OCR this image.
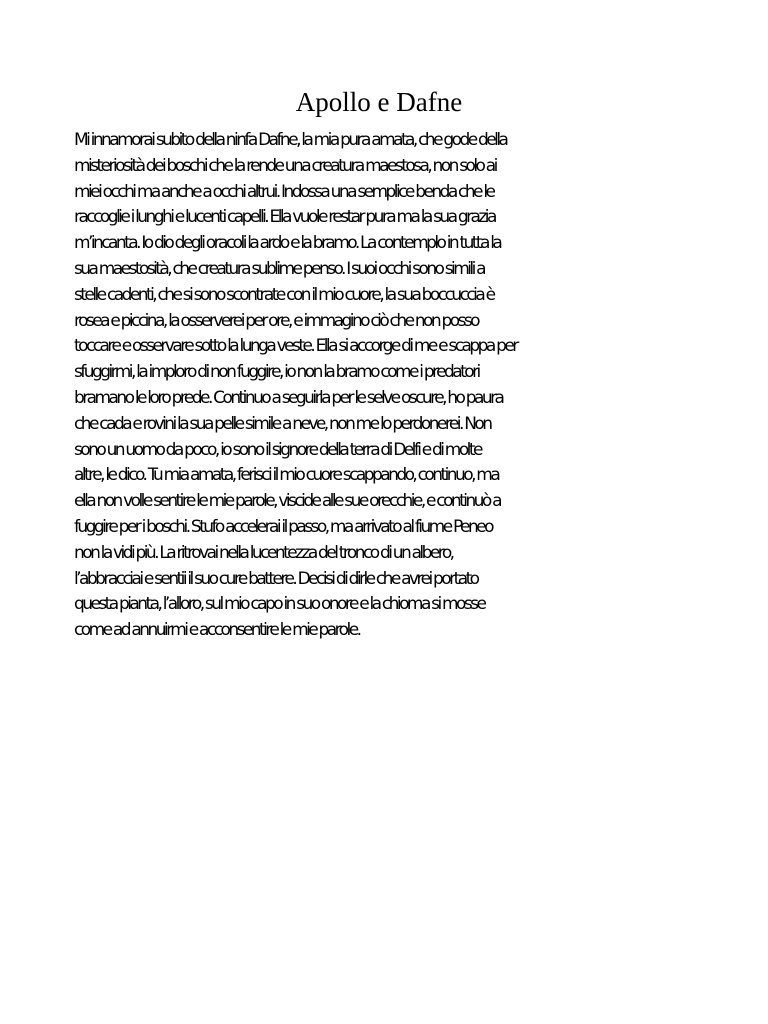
Apollo e Dafne
Mi innamorai subito della ninfa Dafne, la mia pura amata, che gode della
misteriosità dei boschi che la rende una creatura maestosa, non solo ai
miei occhi ma anche a occhi altrui. Indossa una semplice benda che le
raccoglie i lunghi e lucenti capelli. Ella vuole restar pura ma la sua grazia
m’incanta. Io dio degli oracoli la ardo e la bramo. La contemplo in tutta la
sua maestosità, che creatura sublime penso. I suoi occhi sono simili a
stelle cadenti, che si sono scontrate con il mio cuore, la sua boccuccia è
rosea e piccina, la osserverei per ore, e immagino ciò che non posso
toccare e osservare sotto la lunga veste. Ella si accorge di me e scappa per
sfuggirmi, la imploro di non fuggire, io non la bramo come i predatori
bramano le loro prede. Continuo a seguirla per le selve oscure, ho paura
che cada e rovini la sua pelle simile a neve, non me lo perdonerei. Non
sono un uomo da poco, io sono il signore della terra di Delfi e di molte
altre, le dico. Tu mia amata, ferisci il mio cuore scappando, continuo, ma
ella non volle sentire le mie parole, viscide alle sue orecchie, e continuò a
fuggire per i boschi. Stufo accelerai il passo, ma arrivato al fiume Peneo
non la vidi più. La ritrovai nella lucentezza del tronco di un albero,
l’abbracciai e sentii il suo cure battere. Decisi di dirle che avrei portato
questa pianta, l’alloro, sul mio capo in suo onore e la chioma si mosse
come ad annuirmi e acconsentire le mie parole.
